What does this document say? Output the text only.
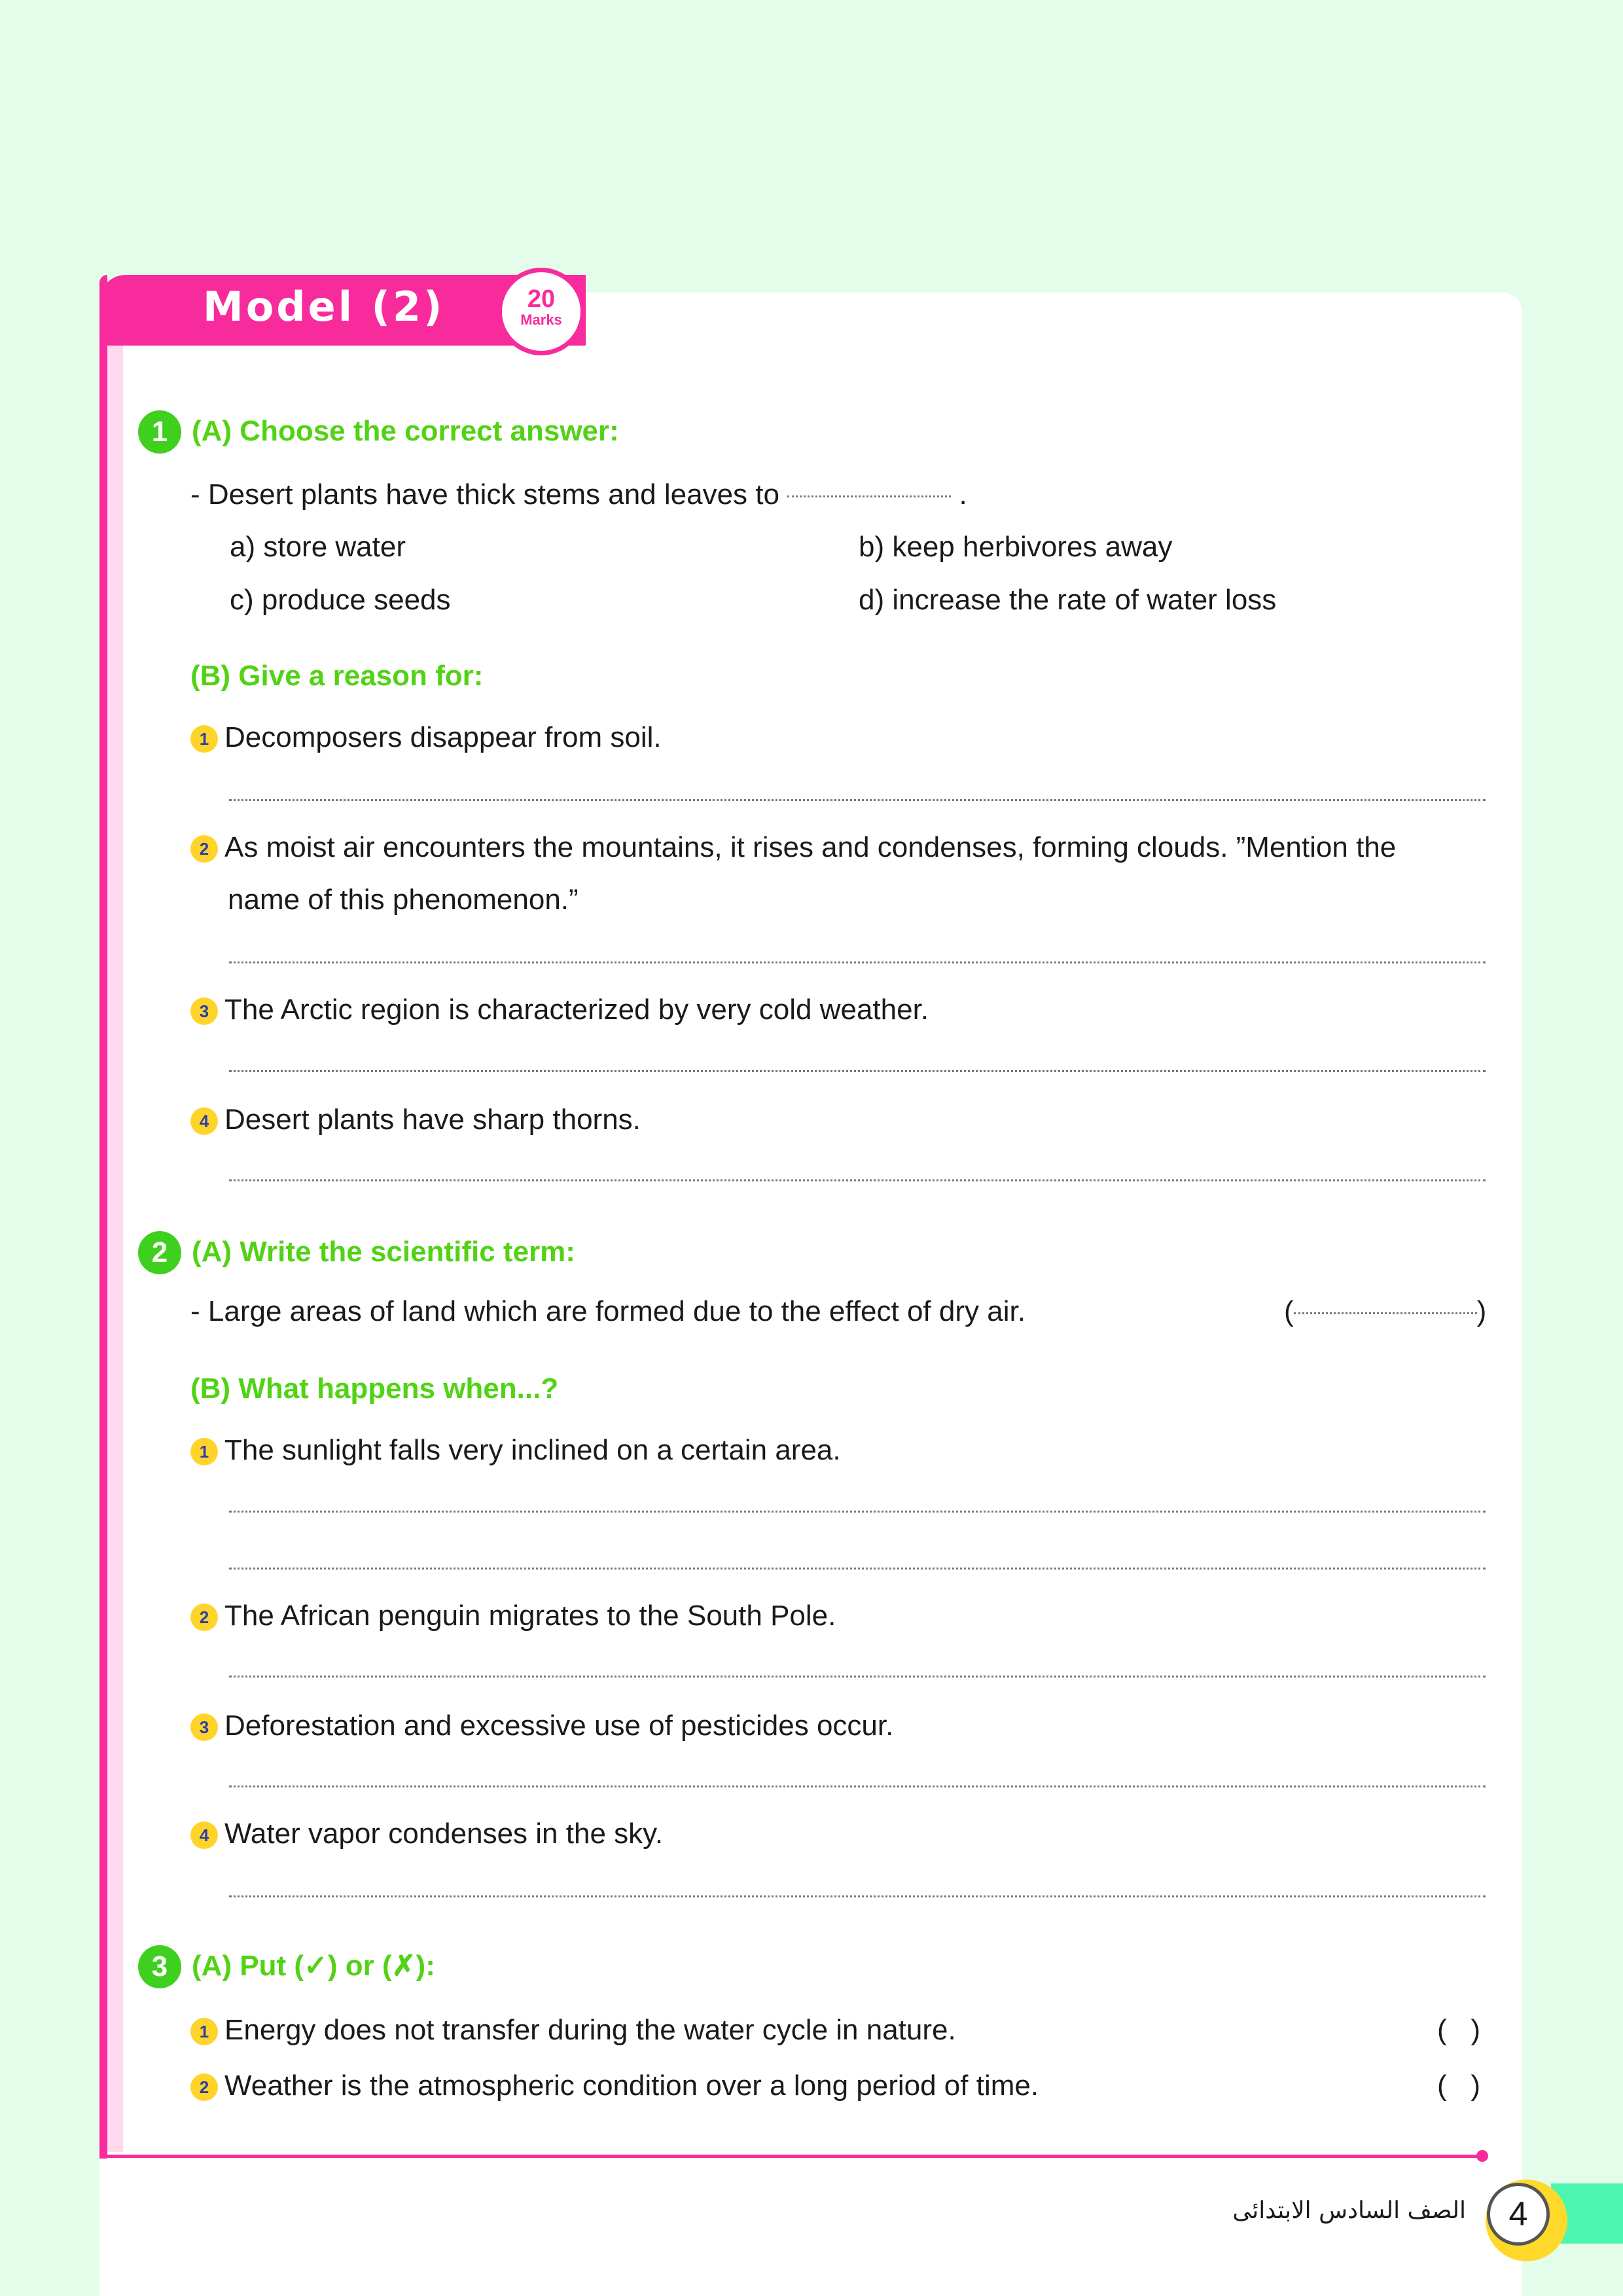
Model (2)	20
Marks
1 (A) Choose the correct answer:
- Desert plants have thick stems and leaves to	.
a) store water	b) keep herbivores away
c) produce seeds	d) increase the rate of water loss
(B) Give a reason for:
1 Decomposers disappear from soil.
2 As moist air encounters the mountains, it rises and condenses, forming clouds. ”Mention the
name of this phenomenon.”
3 The Arctic region is characterized by very cold weather.
4 Desert plants have sharp thorns.
2 (A) Write the scientific term:
- Large areas of land which are formed due to the effect of dry air.	(	)
(B) What happens when...?
1 The sunlight falls very inclined on a certain area.
2 The African penguin migrates to the South Pole.
3 Deforestation and excessive use of pesticides occur.
4 Water vapor condenses in the sky.
3 (A) Put (✓) or (✗):
1 Energy does not transfer during the water cycle in nature.	(   )
2 Weather is the atmospheric condition over a long period of time.	(   )
4
الصف السادس الابتدائى
